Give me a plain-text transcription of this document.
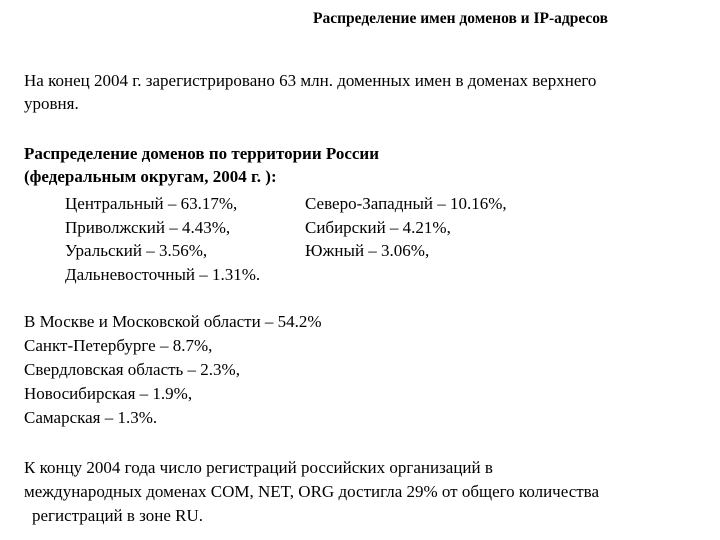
Распределение имен доменов и IP-адресов
На конец 2004 г. зарегистрировано 63 млн. доменных имен в доменах верхнего
уровня.
Распределение доменов по территории России
(федеральным округам, 2004 г. ):
Центральный – 63.17%,	Северо-Западный – 10.16%,
Приволжский – 4.43%,	Сибирский – 4.21%,
Уральский – 3.56%,	Южный – 3.06%,
Дальневосточный – 1.31%.
В Москве и Московской области – 54.2%
Санкт-Петербурге – 8.7%,
Свердловская область – 2.3%,
Новосибирская – 1.9%,
Самарская – 1.3%.
К концу 2004 года число регистраций российских организаций в
международных доменах COM, NET, ORG достигла 29% от общего количества
регистраций в зоне RU.
